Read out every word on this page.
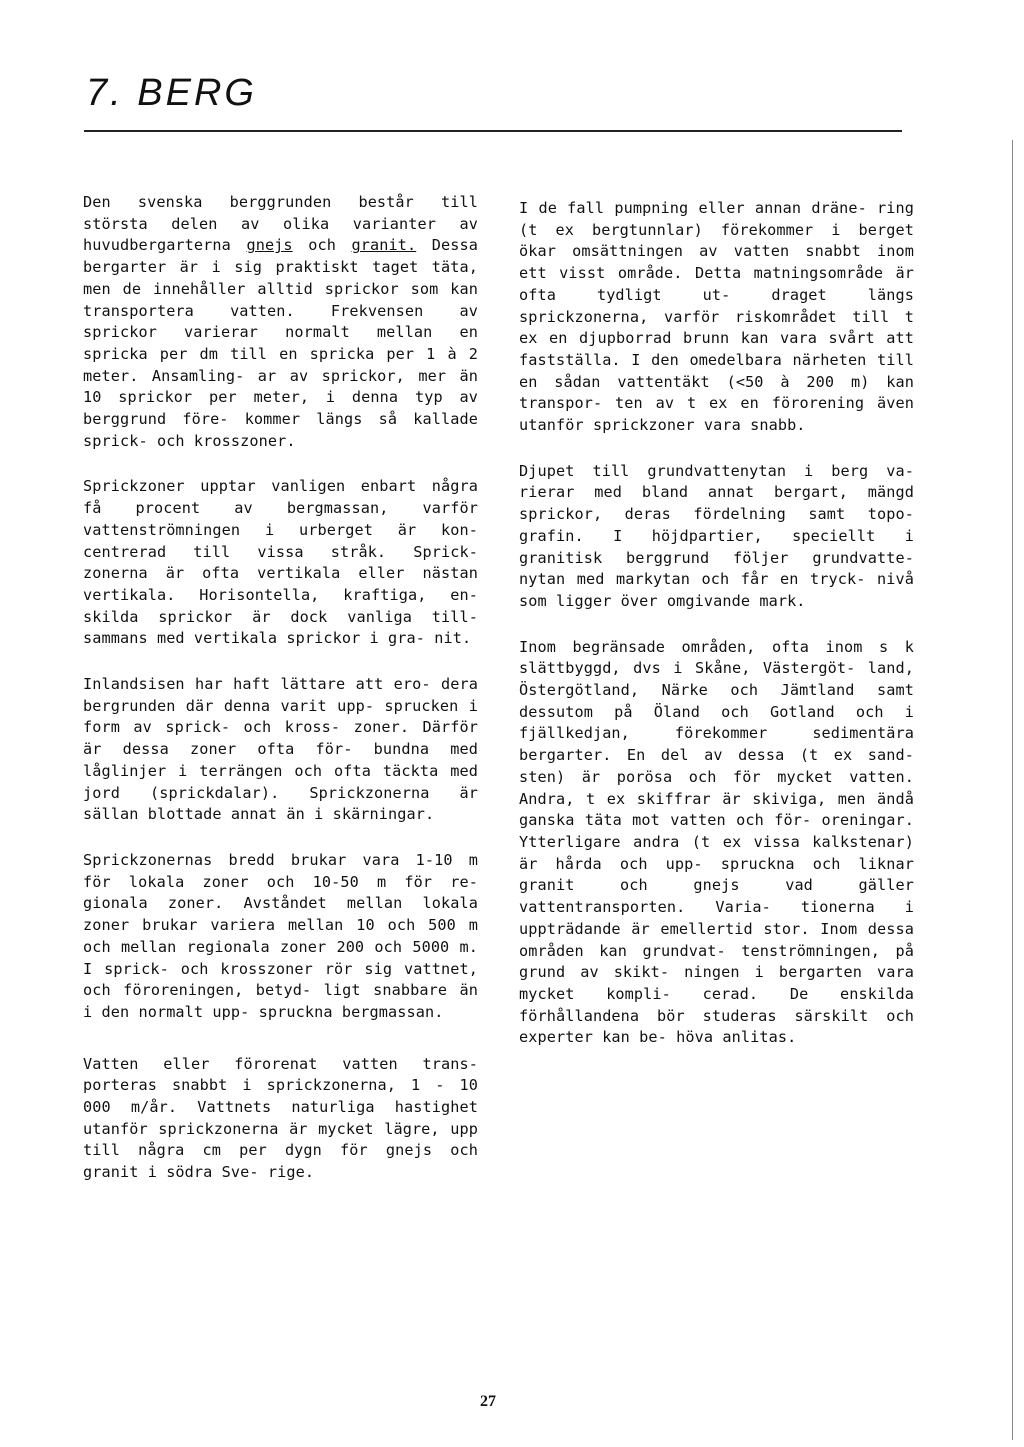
7. BERG

Den svenska berggrunden består till största delen av olika varianter av huvudbergarterna gnejs och granit. Dessa bergarter är i sig praktiskt taget täta, men de innehåller alltid sprickor som kan transportera vatten. Frekvensen av sprickor varierar normalt mellan en spricka per dm till en spricka per 1 à 2 meter. Ansamling- ar av sprickor, mer än 10 sprickor per meter, i denna typ av berggrund före- kommer längs så kallade sprick- och krosszoner.

Sprickzoner upptar vanligen enbart några få procent av bergmassan, varför vattenströmningen i urberget är kon- centrerad till vissa stråk. Sprick- zonerna är ofta vertikala eller nästan vertikala. Horisontella, kraftiga, en- skilda sprickor är dock vanliga till- sammans med vertikala sprickor i gra- nit.

Inlandsisen har haft lättare att ero- dera bergrunden där denna varit upp- sprucken i form av sprick- och kross- zoner. Därför är dessa zoner ofta för- bundna med låglinjer i terrängen och ofta täckta med jord (sprickdalar). Sprickzonerna är sällan blottade annat än i skärningar.

Sprickzonernas bredd brukar vara 1-10 m för lokala zoner och 10-50 m för re- gionala zoner. Avståndet mellan lokala zoner brukar variera mellan 10 och 500 m och mellan regionala zoner 200 och 5000 m. I sprick- och krosszoner rör sig vattnet, och föroreningen, betyd- ligt snabbare än i den normalt upp- spruckna bergmassan.

Vatten eller förorenat vatten trans- porteras snabbt i sprickzonerna, 1 - 10 000 m/år. Vattnets naturliga hastighet utanför sprickzonerna är mycket lägre, upp till några cm per dygn för gnejs och granit i södra Sve- rige.

I de fall pumpning eller annan dräne- ring (t ex bergtunnlar) förekommer i berget ökar omsättningen av vatten snabbt inom ett visst område. Detta matningsområde är ofta tydligt ut- draget längs sprickzonerna, varför riskområdet till t ex en djupborrad brunn kan vara svårt att fastställa. I den omedelbara närheten till en sådan vattentäkt (<50 à 200 m) kan transpor- ten av t ex en förorening även utanför sprickzoner vara snabb.

Djupet till grundvattenytan i berg va- rierar med bland annat bergart, mängd sprickor, deras fördelning samt topo- grafin. I höjdpartier, speciellt i granitisk berggrund följer grundvatte- nytan med markytan och får en tryck- nivå som ligger över omgivande mark.

Inom begränsade områden, ofta inom s k slättbyggd, dvs i Skåne, Västergöt- land, Östergötland, Närke och Jämtland samt dessutom på Öland och Gotland och i fjällkedjan, förekommer sedimentära bergarter. En del av dessa (t ex sand- sten) är porösa och för mycket vatten. Andra, t ex skiffrar är skiviga, men ändå ganska täta mot vatten och för- oreningar. Ytterligare andra (t ex vissa kalkstenar) är hårda och upp- spruckna och liknar granit och gnejs vad gäller vattentransporten. Varia- tionerna i uppträdande är emellertid stor. Inom dessa områden kan grundvat- tenströmningen, på grund av skikt- ningen i bergarten vara mycket kompli- cerad. De enskilda förhållandena bör studeras särskilt och experter kan be- höva anlitas.

27
